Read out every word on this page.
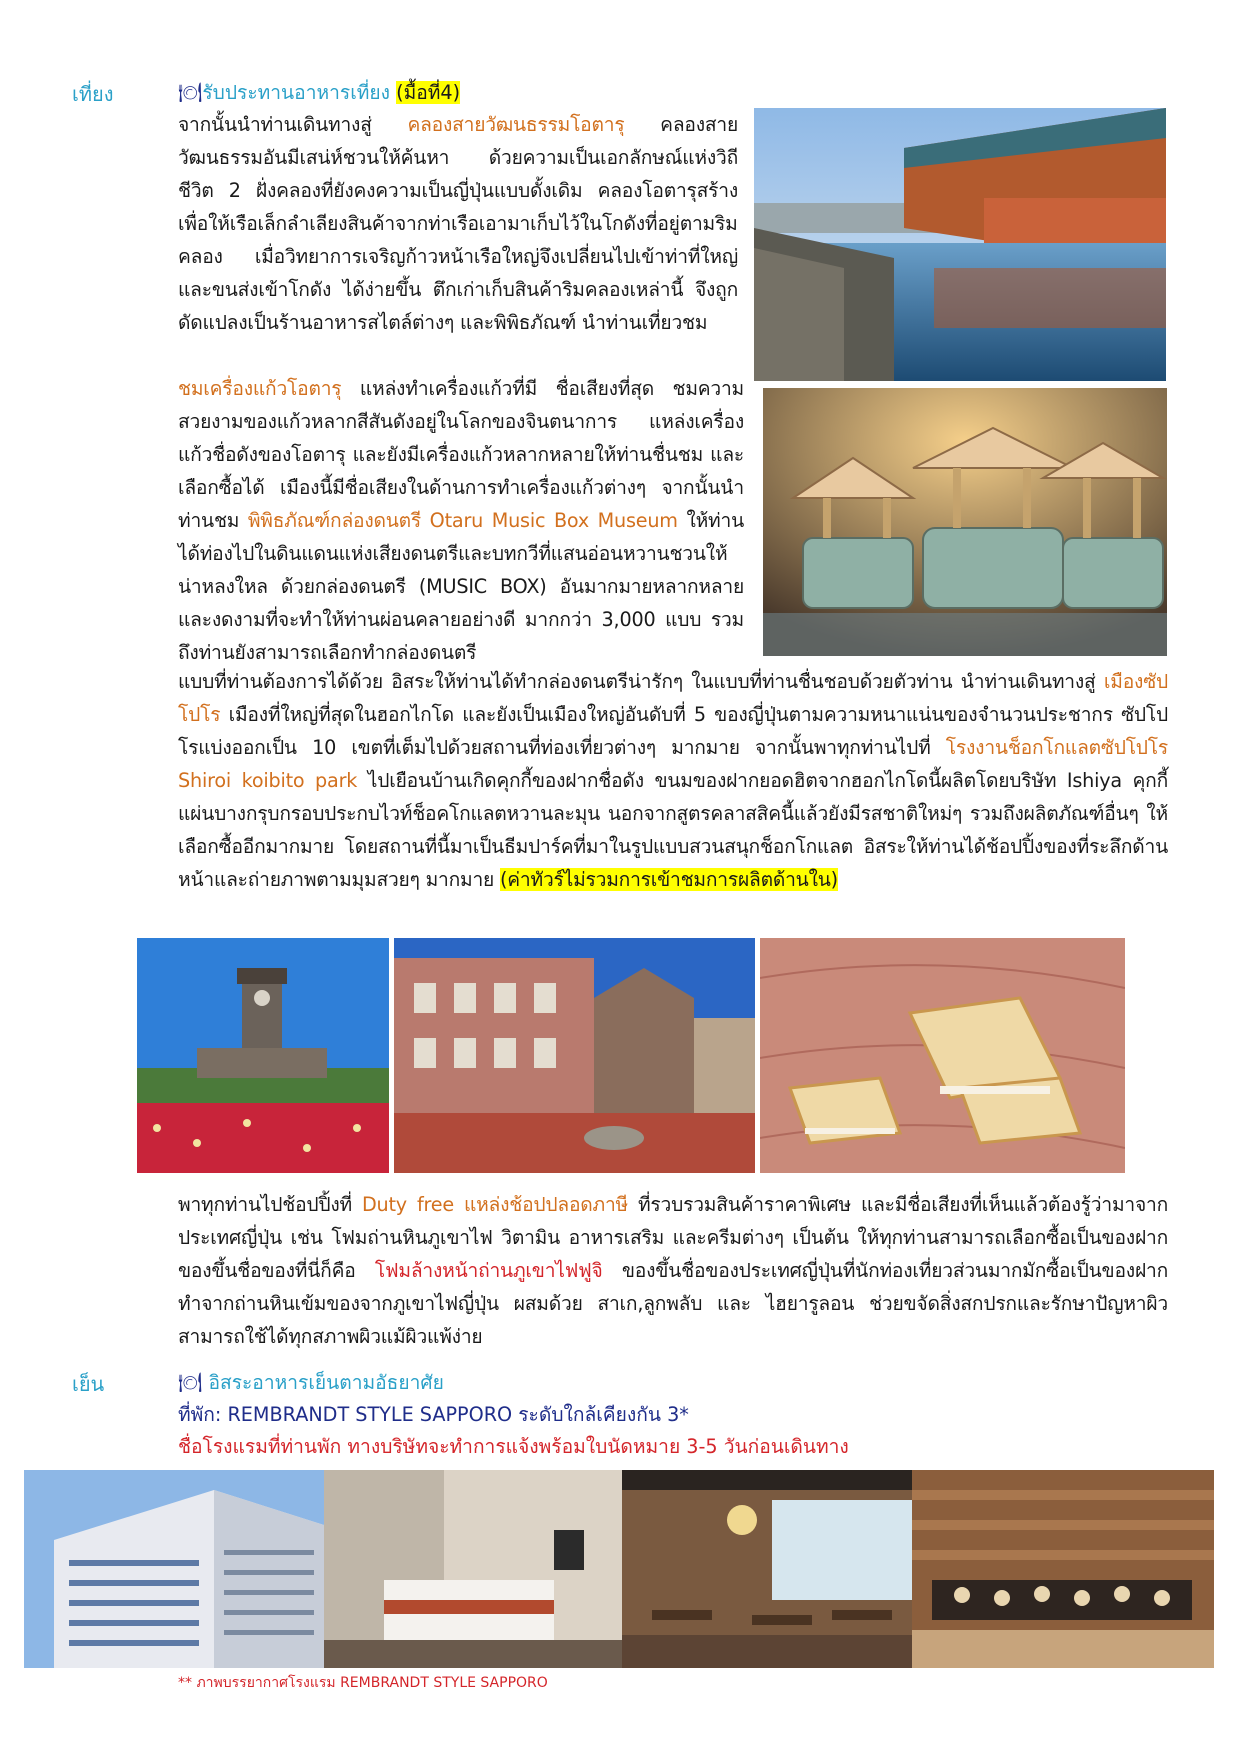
เที่ยง	🍽รับประทานอาหารเที่ยง (มื้อที่4)
จากนั้นนำท่านเดินทางสู่ คลองสายวัฒนธรรมโอตารุ คลองสายวัฒนธรรมอันมีเสน่ห์ชวนให้ค้นหา ด้วยความเป็นเอกลักษณ์แห่งวิถีชีวิต 2 ฝั่งคลองที่ยังคงความเป็นญี่ปุ่นแบบดั้งเดิม คลองโอตารุสร้างเพื่อให้เรือเล็กลำเลียงสินค้าจากท่าเรือเอามาเก็บไว้ในโกดังที่อยู่ตามริมคลอง เมื่อวิทยาการเจริญก้าวหน้าเรือใหญ่จึงเปลี่ยนไปเข้าท่าที่ใหญ่และขนส่งเข้าโกดัง ได้ง่ายขึ้น ตึกเก่าเก็บสินค้าริมคลองเหล่านี้ จึงถูกดัดแปลงเป็นร้านอาหารสไตล์ต่างๆ และพิพิธภัณฑ์ นำท่านเที่ยวชม
ชมเครื่องแก้วโอตารุ แหล่งทำเครื่องแก้วที่มี ชื่อเสียงที่สุด ชมความสวยงามของแก้วหลากสีสันดังอยู่ในโลกของจินตนาการ แหล่งเครื่องแก้วชื่อดังของโอตารุ และยังมีเครื่องแก้วหลากหลายให้ท่านชื่นชม และเลือกซื้อได้ เมืองนี้มีชื่อเสียงในด้านการทำเครื่องแก้วต่างๆ จากนั้นนำท่านชม พิพิธภัณฑ์กล่องดนตรี Otaru Music Box Museum ให้ท่านได้ท่องไปในดินแดนแห่งเสียงดนตรีและบทกวีที่แสนอ่อนหวานชวนให้น่าหลงใหล ด้วยกล่องดนตรี (MUSIC BOX) อันมากมายหลากหลายและงดงามที่จะทำให้ท่านผ่อนคลายอย่างดี มากกว่า 3,000 แบบ รวมถึงท่านยังสามารถเลือกทำกล่องดนตรี
แบบที่ท่านต้องการได้ด้วย อิสระให้ท่านได้ทำกล่องดนตรีน่ารักๆ ในแบบที่ท่านชื่นชอบด้วยตัวท่าน นำท่านเดินทางสู่ เมืองซัปโปโร เมืองที่ใหญ่ที่สุดในฮอกไกโด และยังเป็นเมืองใหญ่อันดับที่ 5 ของญี่ปุ่นตามความหนาแน่นของจำนวนประชากร ซัปโปโรแบ่งออกเป็น 10 เขตที่เต็มไปด้วยสถานที่ท่องเที่ยวต่างๆ มากมาย จากนั้นพาทุกท่านไปที่ โรงงานช็อกโกแลตซัปโปโร Shiroi koibito park ไปเยือนบ้านเกิดคุกกี้ของฝากชื่อดัง ขนมของฝากยอดฮิตจากฮอกไกโดนี้ผลิตโดยบริษัท Ishiya คุกกี้แผ่นบางกรุบกรอบประกบไวท์ช็อคโกแลตหวานละมุน นอกจากสูตรคลาสสิคนี้แล้วยังมีรสชาติใหม่ๆ รวมถึงผลิตภัณฑ์อื่นๆ ให้เลือกซื้ออีกมากมาย โดยสถานที่นี้มาเป็นธีมปาร์คที่มาในรูปแบบสวนสนุกช็อกโกแลต อิสระให้ท่านได้ช้อปปิ้งของที่ระลึกด้านหน้าและถ่ายภาพตามมุมสวยๆ มากมาย (ค่าทัวร์ไม่รวมการเข้าชมการผลิตด้านใน)
พาทุกท่านไปช้อปปิ้งที่ Duty free แหล่งช้อปปลอดภาษี ที่รวบรวมสินค้าราคาพิเศษ และมีชื่อเสียงที่เห็นแล้วต้องรู้ว่ามาจากประเทศญี่ปุ่น เช่น โฟมถ่านหินภูเขาไฟ วิตามิน อาหารเสริม และครีมต่างๆ เป็นต้น ให้ทุกท่านสามารถเลือกซื้อเป็นของฝาก ของขึ้นชื่อของที่นี่ก็คือ โฟมล้างหน้าถ่านภูเขาไฟฟูจิ ของขึ้นชื่อของประเทศญี่ปุ่นที่นักท่องเที่ยวส่วนมากมักซื้อเป็นของฝาก ทำจากถ่านหินเข้มของจากภูเขาไฟญี่ปุ่น ผสมด้วย สาเก,ลูกพลับ และ ไฮยารูลอน ช่วยขจัดสิ่งสกปรกและรักษาปัญหาผิว สามารถใช้ได้ทุกสภาพผิวแม้ผิวแพ้ง่าย
เย็น	🍽 อิสระอาหารเย็นตามอัธยาศัย
ที่พัก: REMBRANDT STYLE SAPPORO ระดับใกล้เคียงกัน 3*
ชื่อโรงแรมที่ท่านพัก ทางบริษัทจะทำการแจ้งพร้อมใบนัดหมาย 3-5 วันก่อนเดินทาง
** ภาพบรรยากาศโรงแรม REMBRANDT STYLE SAPPORO
